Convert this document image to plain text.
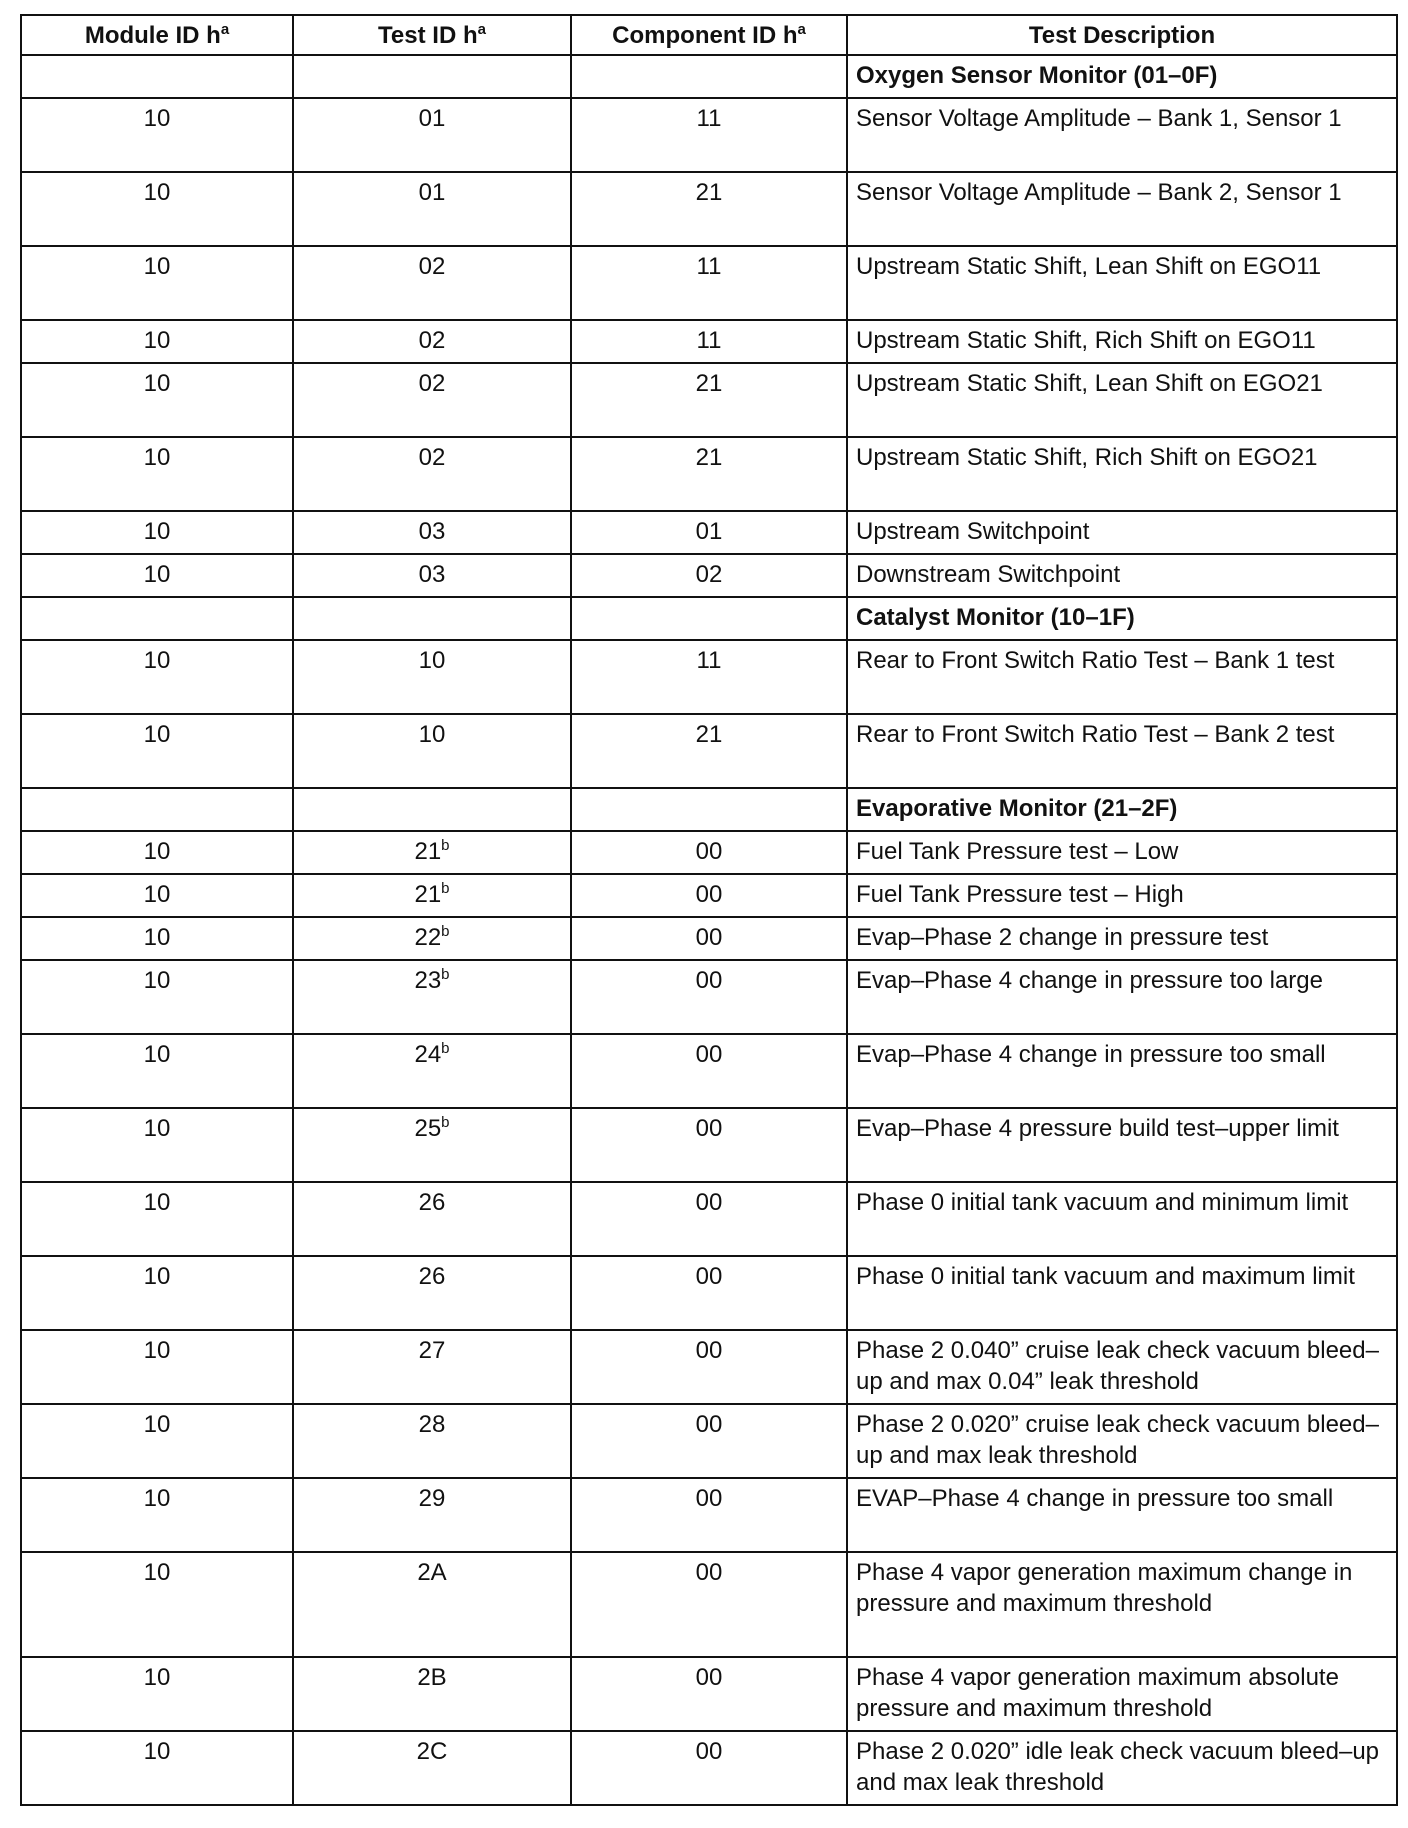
Module ID $h^a$	Test ID $h^a$	Component ID $h^a$	Test Description
			Oxygen Sensor Monitor (01–0F)
10	01	11	Sensor Voltage Amplitude – Bank 1, Sensor 1
10	01	21	Sensor Voltage Amplitude – Bank 2, Sensor 1
10	02	11	Upstream Static Shift, Lean Shift on EGO11
10	02	11	Upstream Static Shift, Rich Shift on EGO11
10	02	21	Upstream Static Shift, Lean Shift on EGO21
10	02	21	Upstream Static Shift, Rich Shift on EGO21
10	03	01	Upstream Switchpoint
10	03	02	Downstream Switchpoint
			Catalyst Monitor (10–1F)
10	10	11	Rear to Front Switch Ratio Test – Bank 1 test
10	10	21	Rear to Front Switch Ratio Test – Bank 2 test
			Evaporative Monitor (21–2F)
10	21$^b$	00	Fuel Tank Pressure test – Low
10	21$^b$	00	Fuel Tank Pressure test – High
10	22$^b$	00	Evap–Phase 2 change in pressure test
10	23$^b$	00	Evap–Phase 4 change in pressure too large
10	24$^b$	00	Evap–Phase 4 change in pressure too small
10	25$^b$	00	Evap–Phase 4 pressure build test–upper limit
10	26	00	Phase 0 initial tank vacuum and minimum limit
10	26	00	Phase 0 initial tank vacuum and maximum limit
10	27	00	Phase 2 0.040” cruise leak check vacuum bleed–up and max 0.04” leak threshold
10	28	00	Phase 2 0.020” cruise leak check vacuum bleed–up and max leak threshold
10	29	00	EVAP–Phase 4 change in pressure too small
10	2A	00	Phase 4 vapor generation maximum change in pressure and maximum threshold
10	2B	00	Phase 4 vapor generation maximum absolute pressure and maximum threshold
10	2C	00	Phase 2 0.020” idle leak check vacuum bleed–up and max leak threshold
